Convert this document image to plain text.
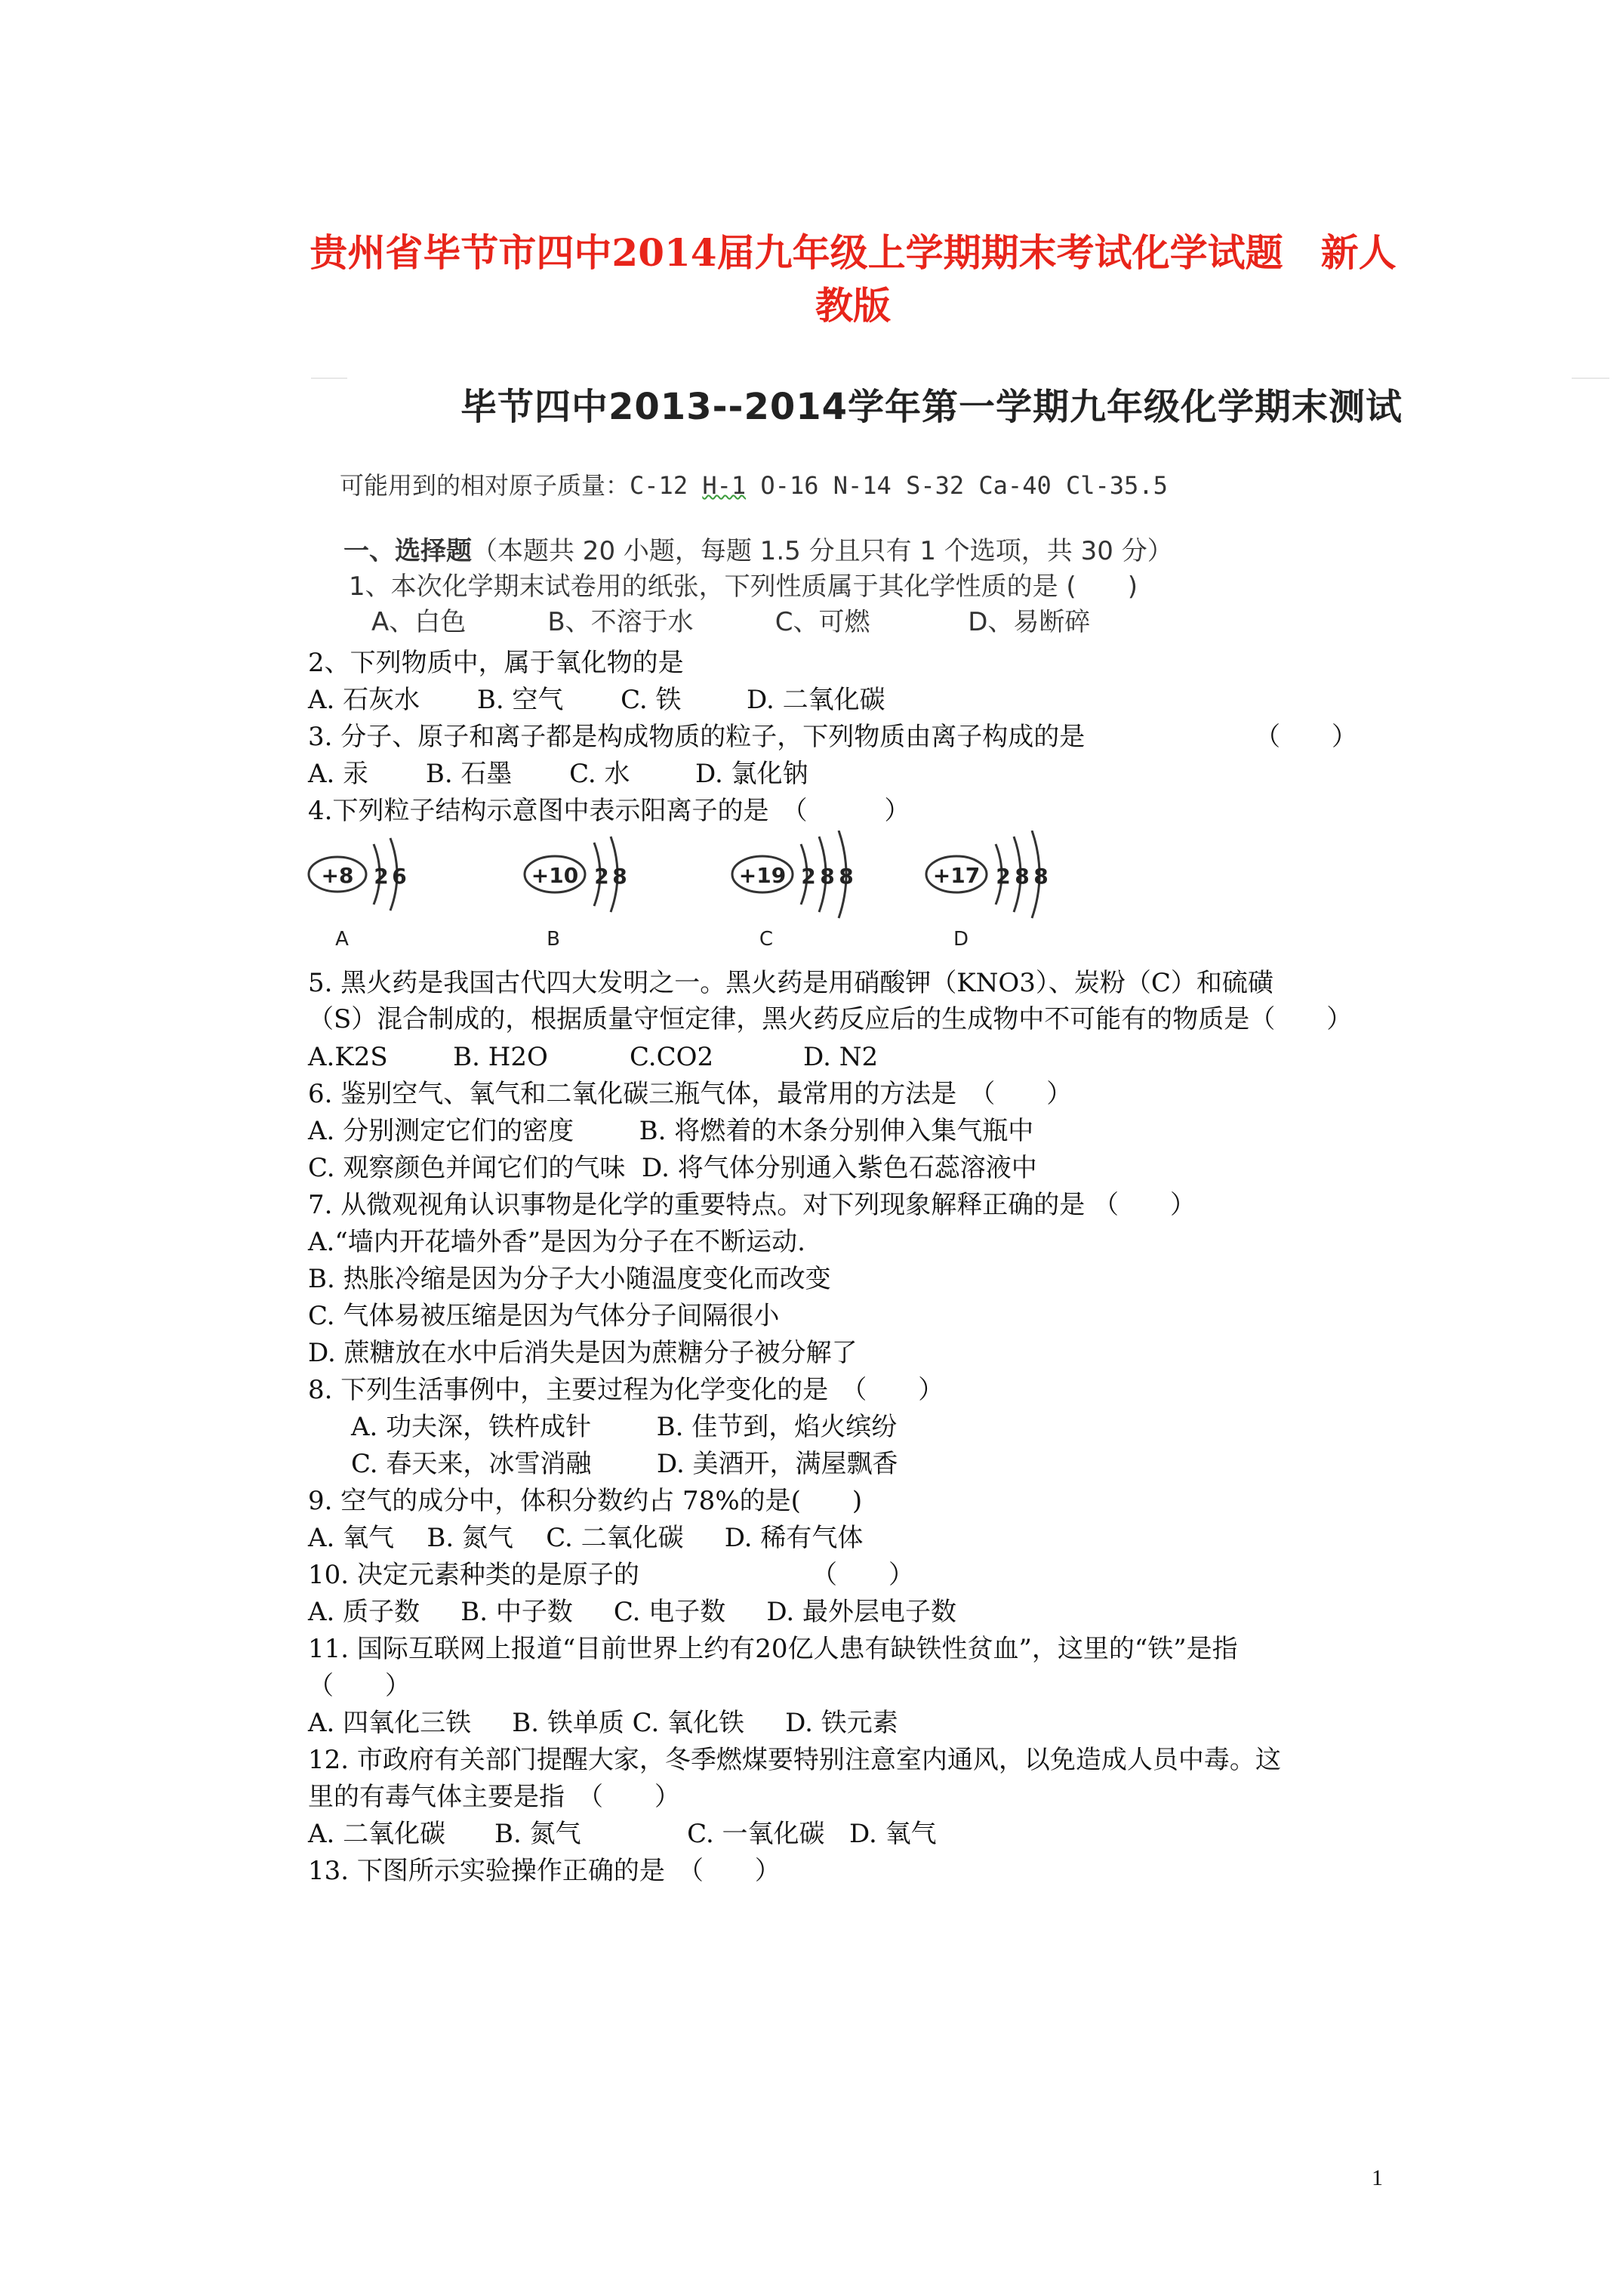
贵州省毕节市四中2014届九年级上学期期末考试化学试题　新人
教版
毕节四中2013--2014学年第一学期九年级化学期末测试
可能用到的相对原子质量：C-12 H-1 O-16 N-14 S-32 Ca-40 Cl-35.5
一、选择题（本题共 20 小题，每题 1.5 分且只有 1 个选项，共 30 分）
1、本次化学期末试卷用的纸张，下列性质属于其化学性质的是 (　　)
A、白色	B、不溶于水	C、可燃	D、易断碎
2、下列物质中，属于氧化物的是
A. 石灰水 B. 空气 C. 铁	D. 二氧化碳
3. 分子、原子和离子都是构成物质的粒子，下列物质由离子构成的是	（　　）
A. 汞 B. 石墨 C. 水	D. 氯化钠
4.下列粒子结构示意图中表示阳离子的是　（　　　）
+8 2 6
A
+10 2 8
B
+19 2 8 8
C
+17 2 8 8
D
5. 黑火药是我国古代四大发明之一。黑火药是用硝酸钾（KNO3）、炭粉（C）和硫磺
（S）混合制成的，根据质量守恒定律，黑火药反应后的生成物中不可能有的物质是（　　）
A.K2S	B. H2O	C.CO2	D. N2
6. 鉴别空气、氧气和二氧化碳三瓶气体，最常用的方法是　（　　）
A. 分别测定它们的密度	B. 将燃着的木条分别伸入集气瓶中
C. 观察颜色并闻它们的气味 D. 将气体分别通入紫色石蕊溶液中
7. 从微观视角认识事物是化学的重要特点。对下列现象解释正确的是 （　　）
A.“墙内开花墙外香”是因为分子在不断运动.
B. 热胀冷缩是因为分子大小随温度变化而改变
C. 气体易被压缩是因为气体分子间隔很小
D. 蔗糖放在水中后消失是因为蔗糖分子被分解了
8. 下列生活事例中，主要过程为化学变化的是　（　　）
A. 功夫深，铁杵成针	B. 佳节到，焰火缤纷
C. 春天来，冰雪消融	D. 美酒开，满屋飘香
9. 空气的成分中，体积分数约占 78%的是(　　)
A. 氧气 B. 氮气 C. 二氧化碳 D. 稀有气体
10. 决定元素种类的是原子的	（　　）
A. 质子数 B. 中子数 C. 电子数 D. 最外层电子数
11. 国际互联网上报道“目前世界上约有20亿人患有缺铁性贫血”，这里的“铁”是指
（　　）
A. 四氧化三铁 B. 铁单质 C. 氧化铁 D. 铁元素
12. 市政府有关部门提醒大家，冬季燃煤要特别注意室内通风，以免造成人员中毒。这
里的有毒气体主要是指　（　　）
A. 二氧化碳 B. 氮气	C. 一氧化碳 D. 氧气
13. 下图所示实验操作正确的是　（　　）
1
